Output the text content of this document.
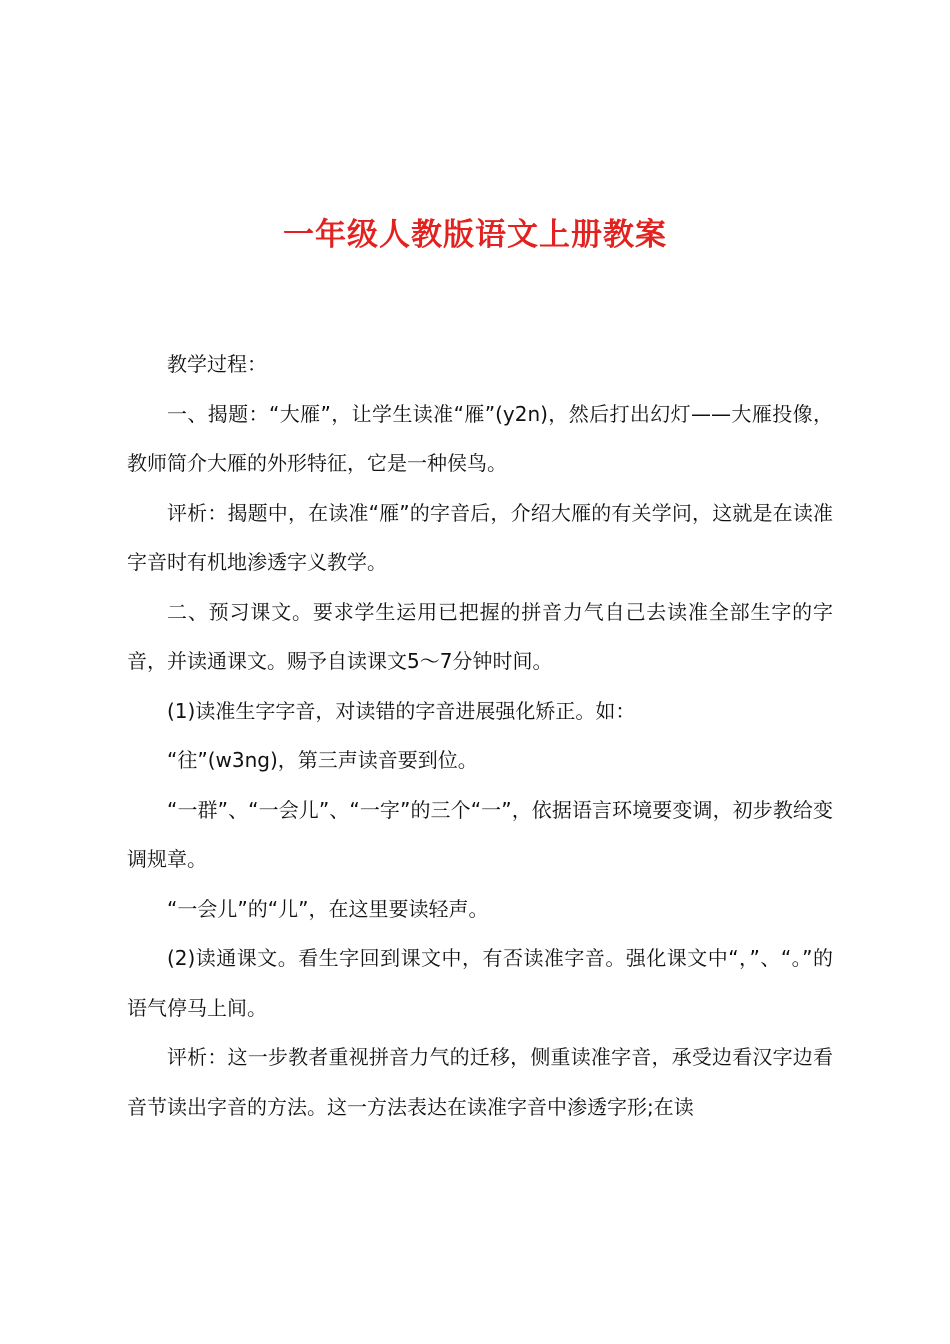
一年级人教版语文上册教案

教学过程：

一、揭题：“大雁”，让学生读准“雁”(y2n)，然后打出幻灯——大雁投像，教师简介大雁的外形特征，它是一种侯鸟。

评析：揭题中，在读准“雁”的字音后，介绍大雁的有关学问，这就是在读准字音时有机地渗透字义教学。

二、预习课文。要求学生运用已把握的拼音力气自己去读准全部生字的字音，并读通课文。赐予自读课文5～7分钟时间。

(1)读准生字字音，对读错的字音进展强化矫正。如：

“往”(w3ng)，第三声读音要到位。

“一群”、“一会儿”、“一字”的三个“一”，依据语言环境要变调，初步教给变调规章。

“一会儿”的“儿”，在这里要读轻声。

(2)读通课文。看生字回到课文中，有否读准字音。强化课文中“，”、“。”的语气停马上间。

评析：这一步教者重视拼音力气的迁移，侧重读准字音，承受边看汉字边看音节读出字音的方法。这一方法表达在读准字音中渗透字形;在读
